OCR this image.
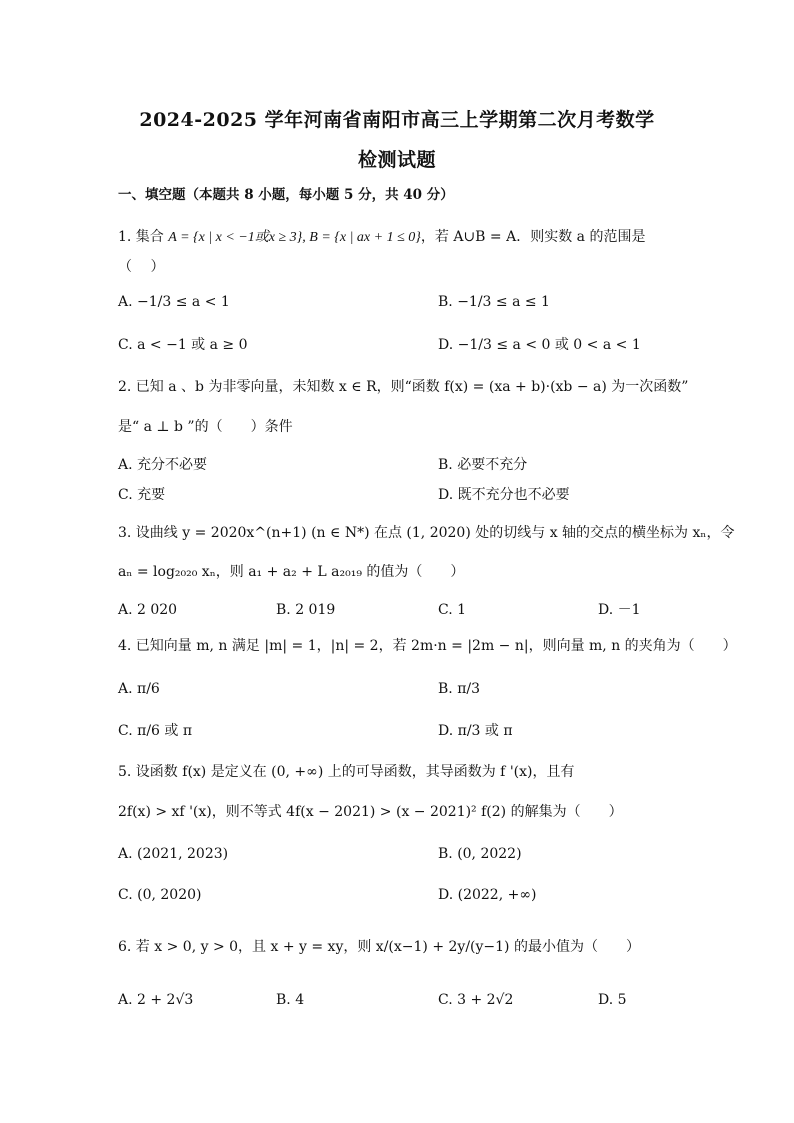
2024-2025 学年河南省南阳市高三上学期第二次月考数学
检测试题
一、填空题（本题共 8 小题，每小题 5 分，共 40 分）
1. 集合 A = {x | x < −1或x ≥ 3}, B = {x | ax + 1 ≤ 0}，若 A∪B = A．则实数 a 的范围是
（　 ）
A. −1/3 ≤ a < 1	B. −1/3 ≤ a ≤ 1
C. a < −1 或 a ≥ 0	D. −1/3 ≤ a < 0 或 0 < a < 1
2. 已知 a 、b 为非零向量，未知数 x ∈ R，则“函数 f(x) = (xa + b)·(xb − a) 为一次函数”
是“ a ⊥ b ”的（　　）条件
A. 充分不必要	B. 必要不充分
C. 充要	D. 既不充分也不必要
3. 设曲线 y = 2020x^(n+1) (n ∈ N*) 在点 (1, 2020) 处的切线与 x 轴的交点的横坐标为 xₙ，令
aₙ = log₂₀₂₀ xₙ，则 a₁ + a₂ + L a₂₀₁₉ 的值为（　　）
A. 2 020	B. 2 019	C. 1	D. －1
4. 已知向量 m, n 满足 |m| = 1，|n| = 2，若 2m·n = |2m − n|，则向量 m, n 的夹角为（　　）
A. π/6	B. π/3
C. π/6 或 π	D. π/3 或 π
5. 设函数 f(x) 是定义在 (0, +∞) 上的可导函数，其导函数为 f '(x)，且有
2f(x) > xf '(x)，则不等式 4f(x − 2021) > (x − 2021)² f(2) 的解集为（　　）
A. (2021, 2023)	B. (0, 2022)
C. (0, 2020)	D. (2022, +∞)
6. 若 x > 0, y > 0，且 x + y = xy，则 x/(x−1) + 2y/(y−1) 的最小值为（　　）
A. 2 + 2√3	B. 4	C. 3 + 2√2	D. 5
